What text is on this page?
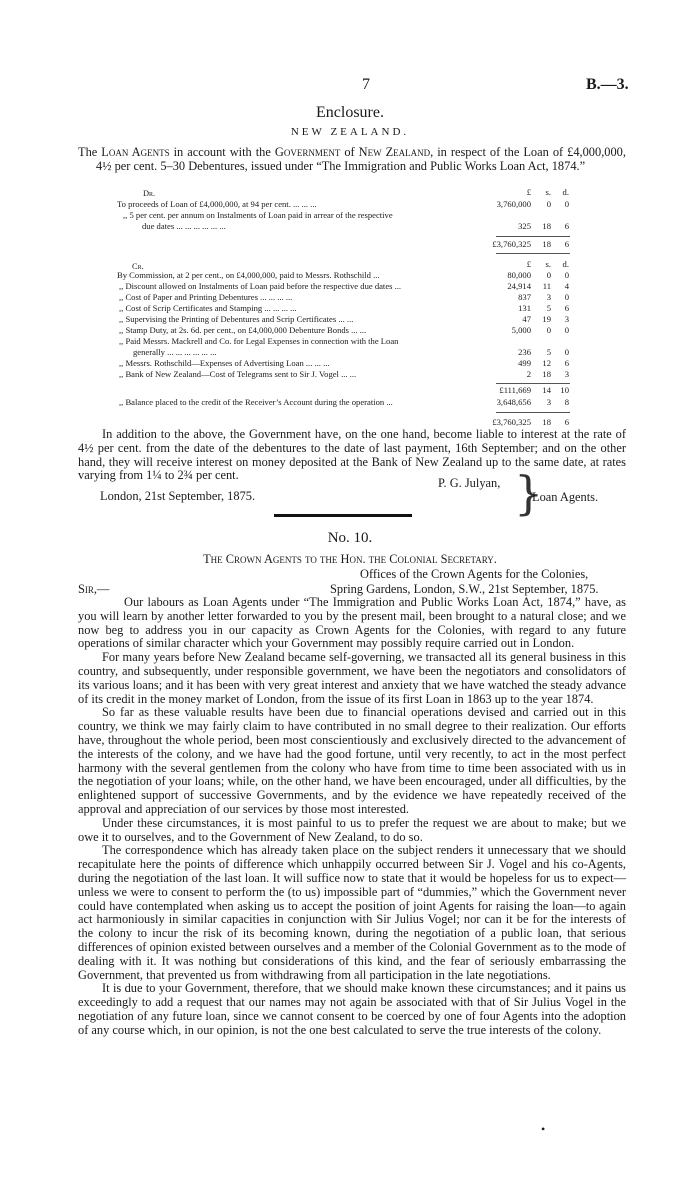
7	B.—3.
Enclosure.
NEW ZEALAND.
The Loan Agents in account with the Government of New Zealand, in respect of the Loan of £4,000,000, 4½ per cent. 5–30 Debentures, issued under “The Immigration and Public Works Loan Act, 1874.”
Dr.	£	s.	d.
To proceeds of Loan of £4,000,000, at 94 per cent. ... ... ...	3,760,000	0	0
,, 5 per cent. per annum on Instalments of Loan paid in arrear of the respective
due dates ... ... ... ... ... ...	325	18	6
£3,760,325	18	6
Cr.	£	s.	d.
By Commission, at 2 per cent., on £4,000,000, paid to Messrs. Rothschild ...	80,000	0	0
,, Discount allowed on Instalments of Loan paid before the respective due dates ...	24,914	11	4
,, Cost of Paper and Printing Debentures ... ... ... ...	837	3	0
,, Cost of Scrip Certificates and Stamping ... ... ... ...	131	5	6
,, Supervising the Printing of Debentures and Scrip Certificates ... ...	47	19	3
,, Stamp Duty, at 2s. 6d. per cent., on £4,000,000 Debenture Bonds ... ...	5,000	0	0
,, Paid Messrs. Mackrell and Co. for Legal Expenses in connection with the Loan
generally ... ... ... ... ... ...	236	5	0
,, Messrs. Rothschild—Expenses of Advertising Loan ... ... ...	499	12	6
,, Bank of New Zealand—Cost of Telegrams sent to Sir J. Vogel ... ...	2	18	3
£111,669	14	10
,, Balance placed to the credit of the Receiver’s Account during the operation ...	3,648,656	3	8
£3,760,325	18	6
In addition to the above, the Government have, on the one hand, become liable to interest at the rate of 4½ per cent. from the date of the debentures to the date of last payment, 16th September; and on the other hand, they will receive interest on money deposited at the Bank of New Zealand up to the same date, at rates varying from 1¼ to 2¾ per cent.
London, 21st September, 1875.
P. G. Julyan, }
Loan Agents.
No. 10.
The Crown Agents to the Hon. the Colonial Secretary.
Offices of the Crown Agents for the Colonies,
Sir,—	Spring Gardens, London, S.W., 21st September, 1875.

Our labours as Loan Agents under “The Immigration and Public Works Loan Act, 1874,” have, as you will learn by another letter forwarded to you by the present mail, been brought to a natural close; and we now beg to address you in our capacity as Crown Agents for the Colonies, with regard to any future operations of similar character which your Government may possibly require carried out in London.

For many years before New Zealand became self-governing, we transacted all its general business in this country, and subsequently, under responsible government, we have been the negotiators and consolidators of its various loans; and it has been with very great interest and anxiety that we have watched the steady advance of its credit in the money market of London, from the issue of its first Loan in 1863 up to the year 1874.

So far as these valuable results have been due to financial operations devised and carried out in this country, we think we may fairly claim to have contributed in no small degree to their realization. Our efforts have, throughout the whole period, been most conscientiously and exclusively directed to the advancement of the interests of the colony, and we have had the good fortune, until very recently, to act in the most perfect harmony with the several gentlemen from the colony who have from time to time been associated with us in the negotiation of your loans; while, on the other hand, we have been encouraged, under all difficulties, by the enlightened support of successive Governments, and by the evidence we have repeatedly received of the approval and appreciation of our services by those most interested.

Under these circumstances, it is most painful to us to prefer the request we are about to make; but we owe it to ourselves, and to the Government of New Zealand, to do so.

The correspondence which has already taken place on the subject renders it unnecessary that we should recapitulate here the points of difference which unhappily occurred between Sir J. Vogel and his co-Agents, during the negotiation of the last loan. It will suffice now to state that it would be hopeless for us to expect—unless we were to consent to perform the (to us) impossible part of “dummies,” which the Government never could have contemplated when asking us to accept the position of joint Agents for raising the loan—to again act harmoniously in similar capacities in conjunction with Sir Julius Vogel; nor can it be for the interests of the colony to incur the risk of its becoming known, during the negotiation of a public loan, that serious differences of opinion existed between ourselves and a member of the Colonial Government as to the mode of dealing with it. It was nothing but considerations of this kind, and the fear of seriously embarrassing the Government, that prevented us from withdrawing from all participation in the late negotiations.

It is due to your Government, therefore, that we should make known these circumstances; and it pains us exceedingly to add a request that our names may not again be associated with that of Sir Julius Vogel in the negotiation of any future loan, since we cannot consent to be coerced by one of four Agents into the adoption of any course which, in our opinion, is not the one best calculated to serve the true interests of the colony.

•
